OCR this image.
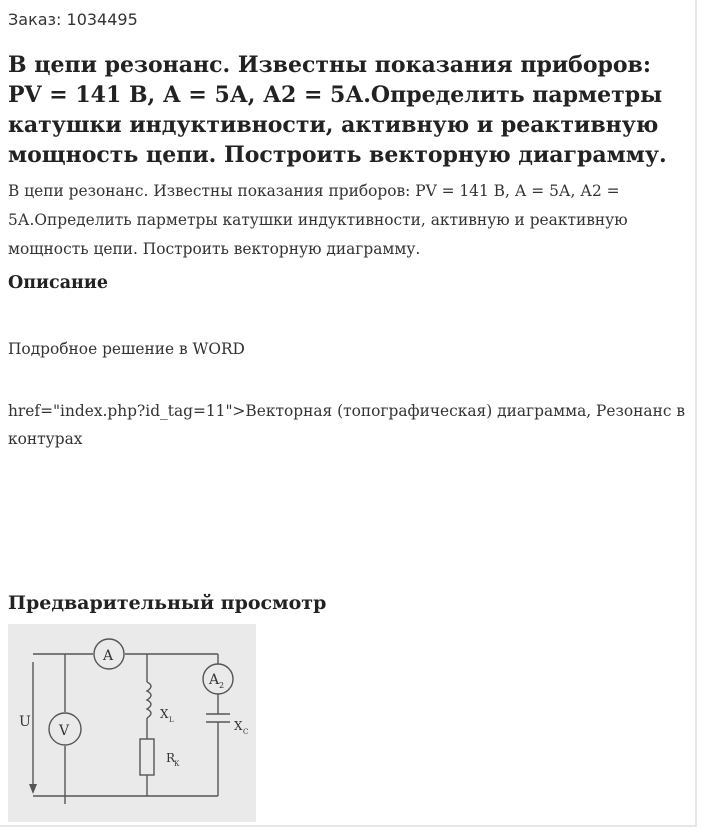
Заказ: 1034495
В цепи резонанс. Известны показания приборов: PV = 141 В, А = 5А, А2 = 5А.Определить парметры катушки индуктивности, активную и реактивную мощность цепи. Построить векторную диаграмму.

В цепи резонанс. Известны показания приборов: PV = 141 В, А = 5А, А2 = 5А.Определить парметры катушки индуктивности, активную и реактивную мощность цепи. Построить векторную диаграмму.

Описание
Подробное решение в WORD
href="index.php?id_tag=11">Векторная (топографическая) диаграмма, Резонанс в контурах
Предварительный просмотр
A
V
A 2
U	X L
R
К
X C
